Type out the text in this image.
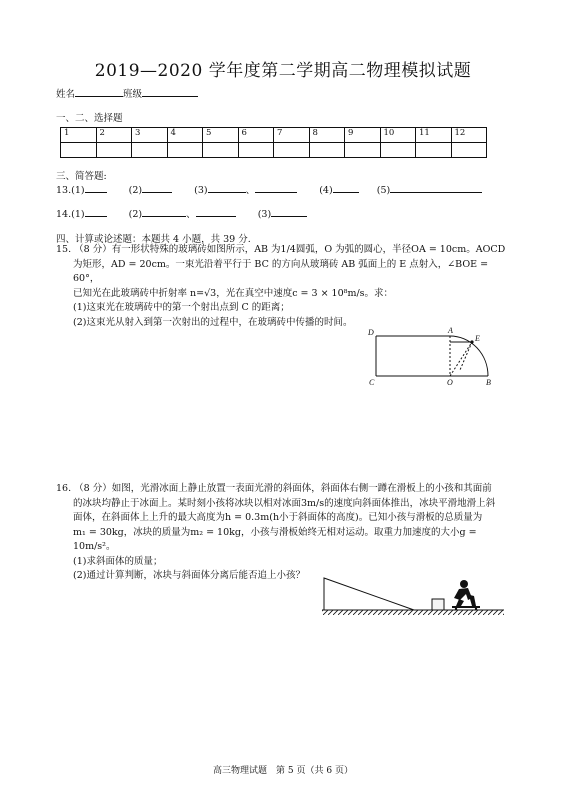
2019—2020 学年度第二学期高二物理模拟试题
姓名	班级
一、二、选择题
1	2	3	4	5	6	7	8	9	10	11	12

三、简答题:
13.(1)	(2)	(3)	、	(4)	(5)
14.(1)	(2)	、	(3)
四、计算或论述题：本题共 4 小题，共 39 分.

15. （8 分）有一形状特殊的玻璃砖如图所示，AB 为1/4圆弧，O 为弧的圆心，半径OA = 10cm。AOCD

为矩形，AD = 20cm。一束光沿着平行于 BC 的方向从玻璃砖 AB 弧面上的 E 点射入，∠BOE = 60°，

已知光在此玻璃砖中折射率 n=√3，光在真空中速度c = 3 × 10⁸m/s。求：

(1)这束光在玻璃砖中的第一个射出点到 C 的距离；

(2)这束光从射入到第一次射出的过程中，在玻璃砖中传播的时间。

D	A
E
C	O	B

16. （8 分）如图，光滑冰面上静止放置一表面光滑的斜面体，斜面体右侧一蹲在滑板上的小孩和其面前

的冰块均静止于冰面上。某时刻小孩将冰块以相对冰面3m/s的速度向斜面体推出，冰块平滑地滑上斜

面体，在斜面体上上升的最大高度为h = 0.3m(h小于斜面体的高度)。已知小孩与滑板的总质量为

m₁ = 30kg，冰块的质量为m₂ = 10kg，小孩与滑板始终无相对运动。取重力加速度的大小g = 10m/s²。

(1)求斜面体的质量；

(2)通过计算判断，冰块与斜面体分离后能否追上小孩？

高三物理试题　第 5 页（共 6 页）
